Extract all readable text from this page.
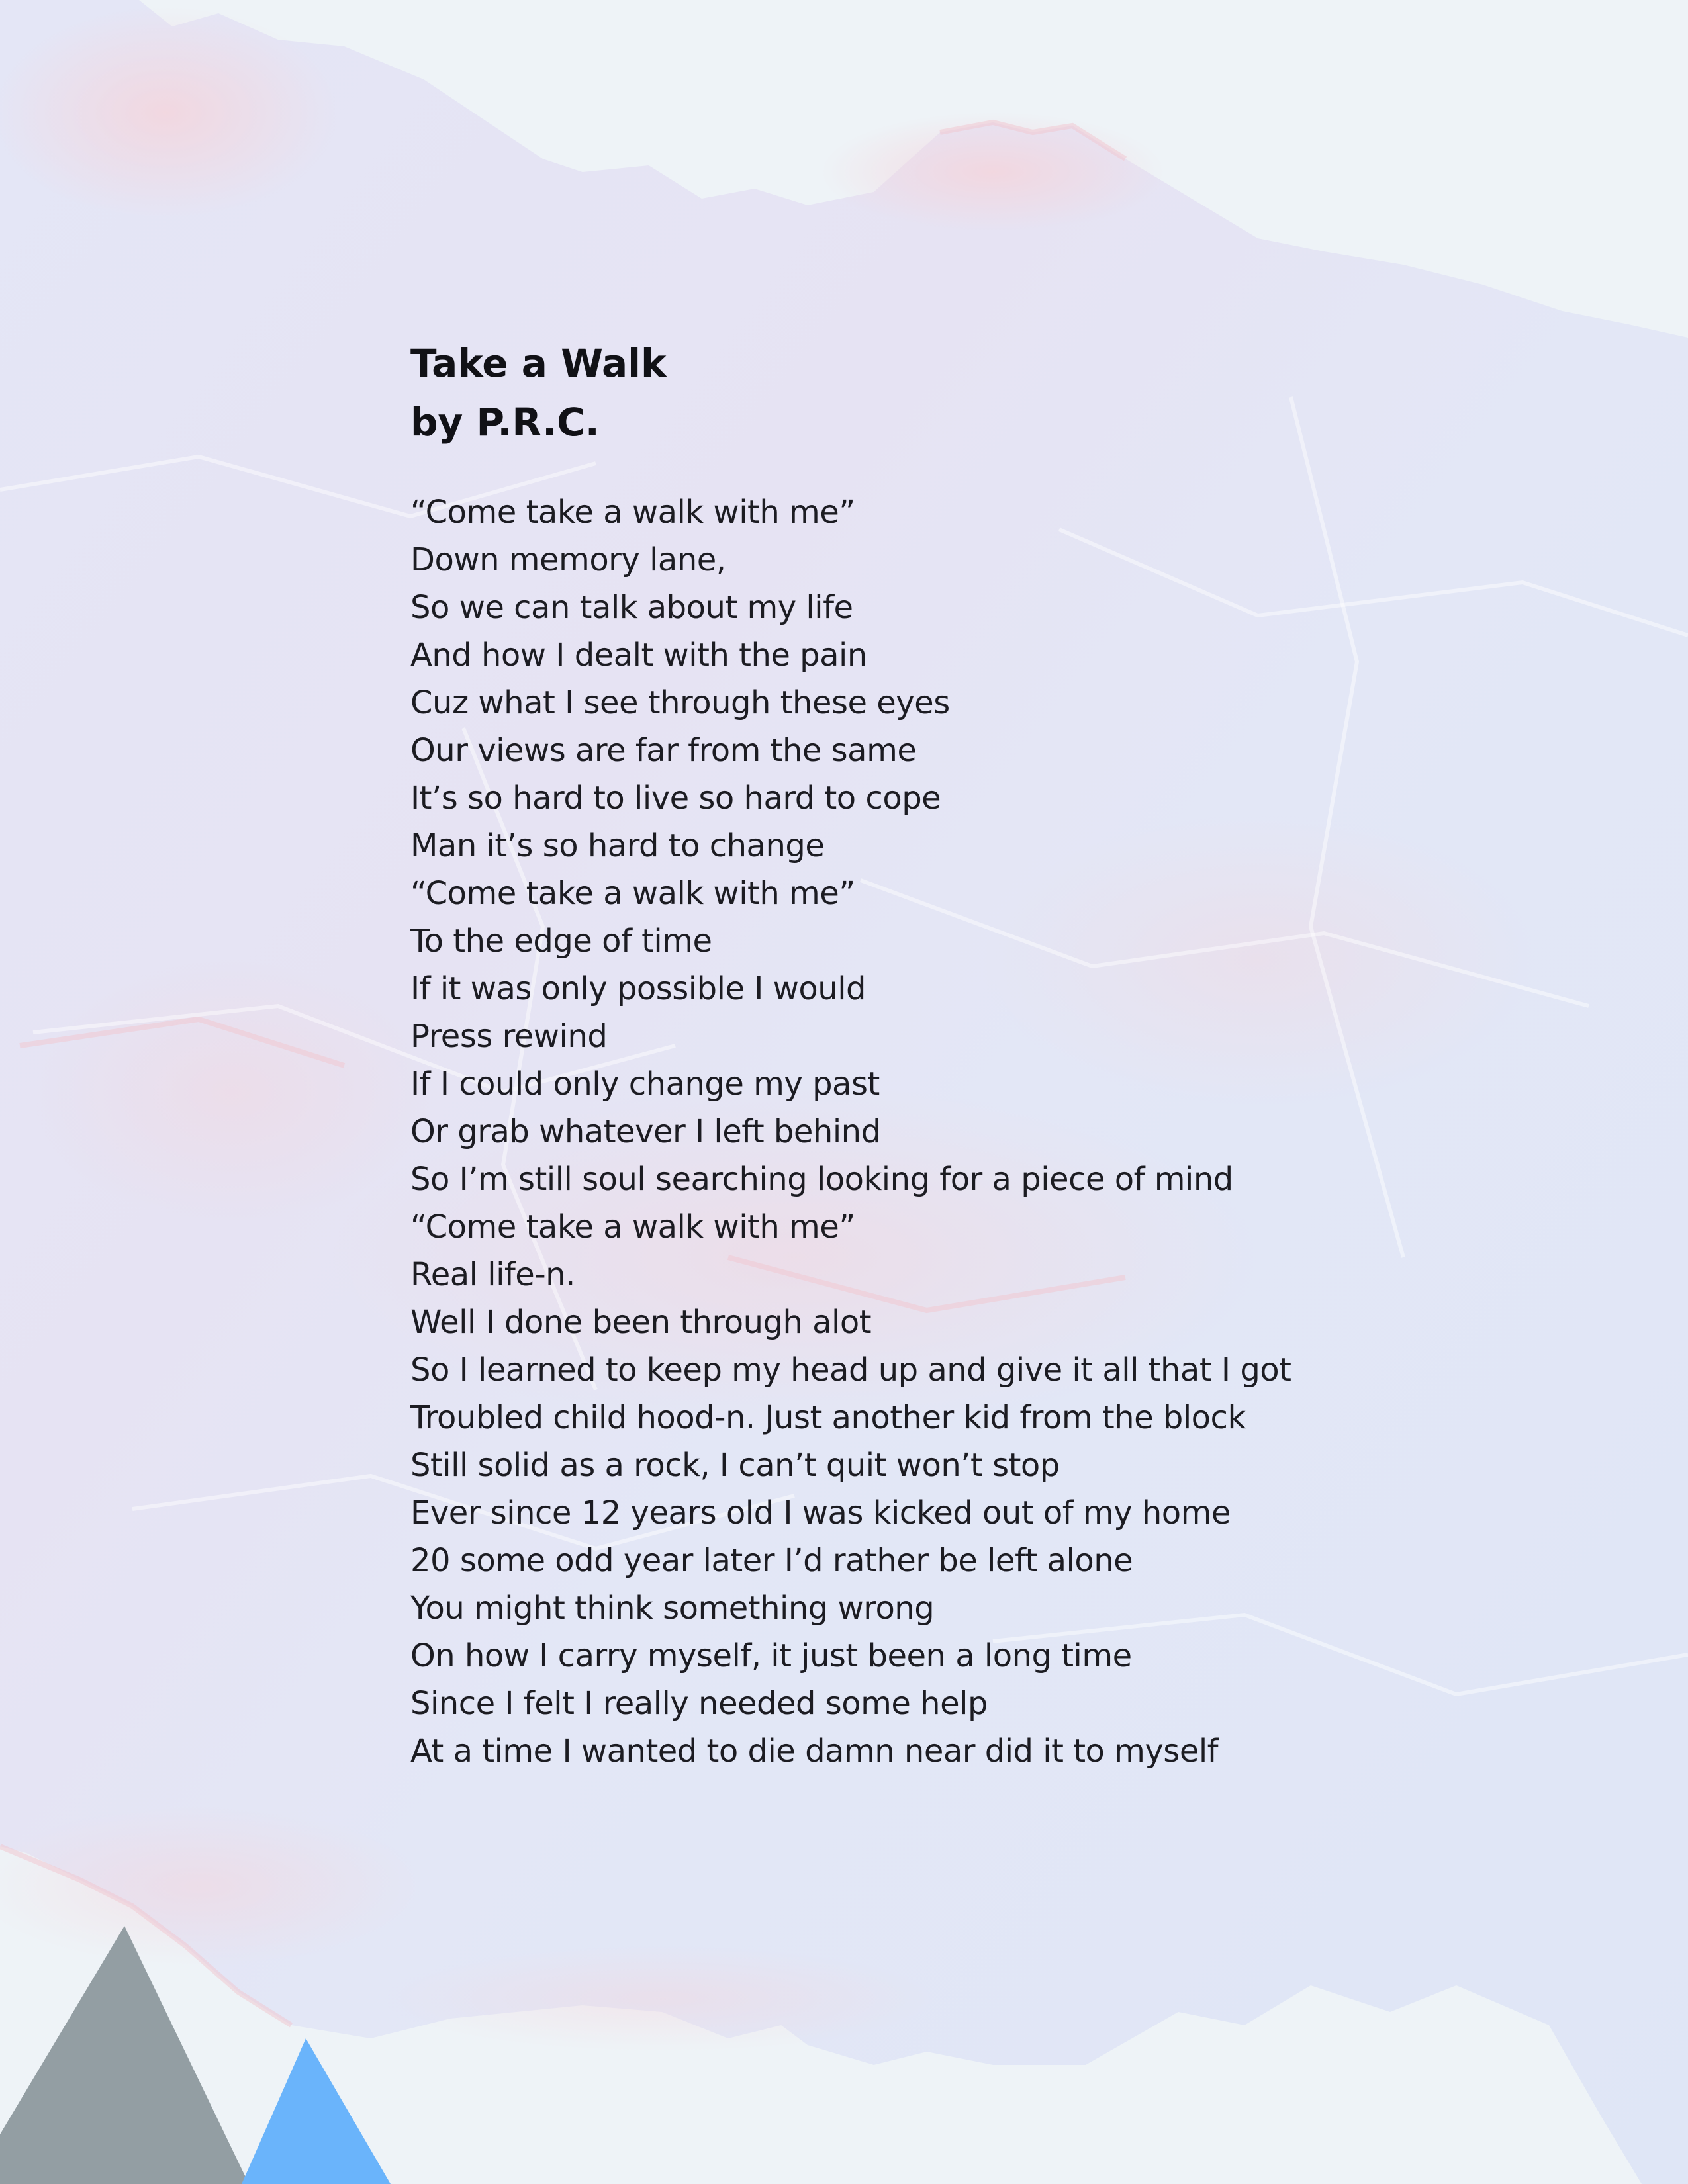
Take a Walk
by P.R.C.
“Come take a walk with me”
Down memory lane,
So we can talk about my life
And how I dealt with the pain
Cuz what I see through these eyes
Our views are far from the same
It’s so hard to live so hard to cope
Man it’s so hard to change
“Come take a walk with me”
To the edge of time
If it was only possible I would
Press rewind
If I could only change my past
Or grab whatever I left behind
So I’m still soul searching looking for a piece of mind
“Come take a walk with me”
Real life-n.
Well I done been through alot
So I learned to keep my head up and give it all that I got
Troubled child hood-n. Just another kid from the block
Still solid as a rock, I can’t quit won’t stop
Ever since 12 years old I was kicked out of my home
20 some odd year later I’d rather be left alone
You might think something wrong
On how I carry myself, it just been a long time
Since I felt I really needed some help
At a time I wanted to die damn near did it to myself
